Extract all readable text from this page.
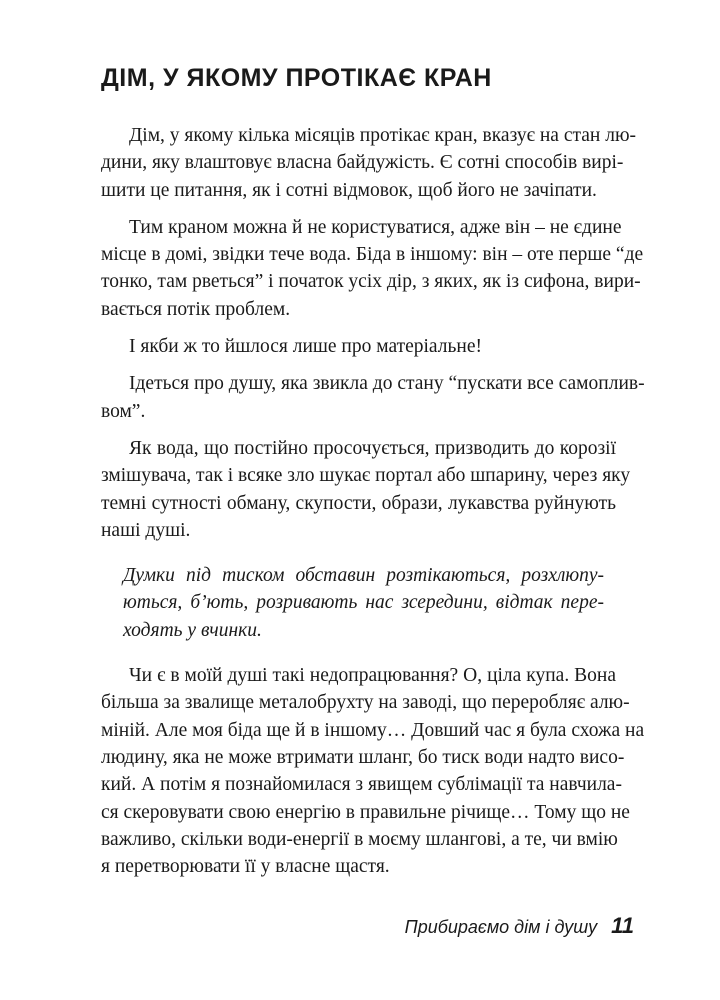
ДІМ, У ЯКОМУ ПРОТІКАЄ КРАН
Дім, у якому кілька місяців протікає кран, вказує на стан лю-
дини, яку влаштовує власна байдужість. Є сотні способів вирі-
шити це питання, як і сотні відмовок, щоб його не зачіпати.
Тим краном можна й не користуватися, адже він – не єдине
місце в домі, звідки тече вода. Біда в іншому: він – оте перше “де
тонко, там рветься” і початок усіх дір, з яких, як із сифона, вири-
вається потік проблем.
І якби ж то йшлося лише про матеріальне!
Ідеться про душу, яка звикла до стану “пускати все самоплив-
вом”.
Як вода, що постійно просочується, призводить до корозії
змішувача, так і всяке зло шукає портал або шпарину, через яку
темні сутності обману, скупости, образи, лукавства руйнують
наші душі.
Думки під тиском обставин розтікаються, розхлюпу-
ються, б’ють, розривають нас зсередини, відтак пере-
ходять у вчинки.
Чи є в моїй душі такі недопрацювання? О, ціла купа. Вона
більша за звалище металобрухту на заводі, що переробляє алю-
міній. Але моя біда ще й в іншому… Довший час я була схожа на
людину, яка не може втримати шланг, бо тиск води надто висо-
кий. А потім я познайомилася з явищем сублімації та навчила-
ся скеровувати свою енергію в правильне річище… Тому що не
важливо, скільки води-енергії в моєму шлангові, а те, чи вмію
я перетворювати її у власне щастя.
Прибираємо дім і душу 11
